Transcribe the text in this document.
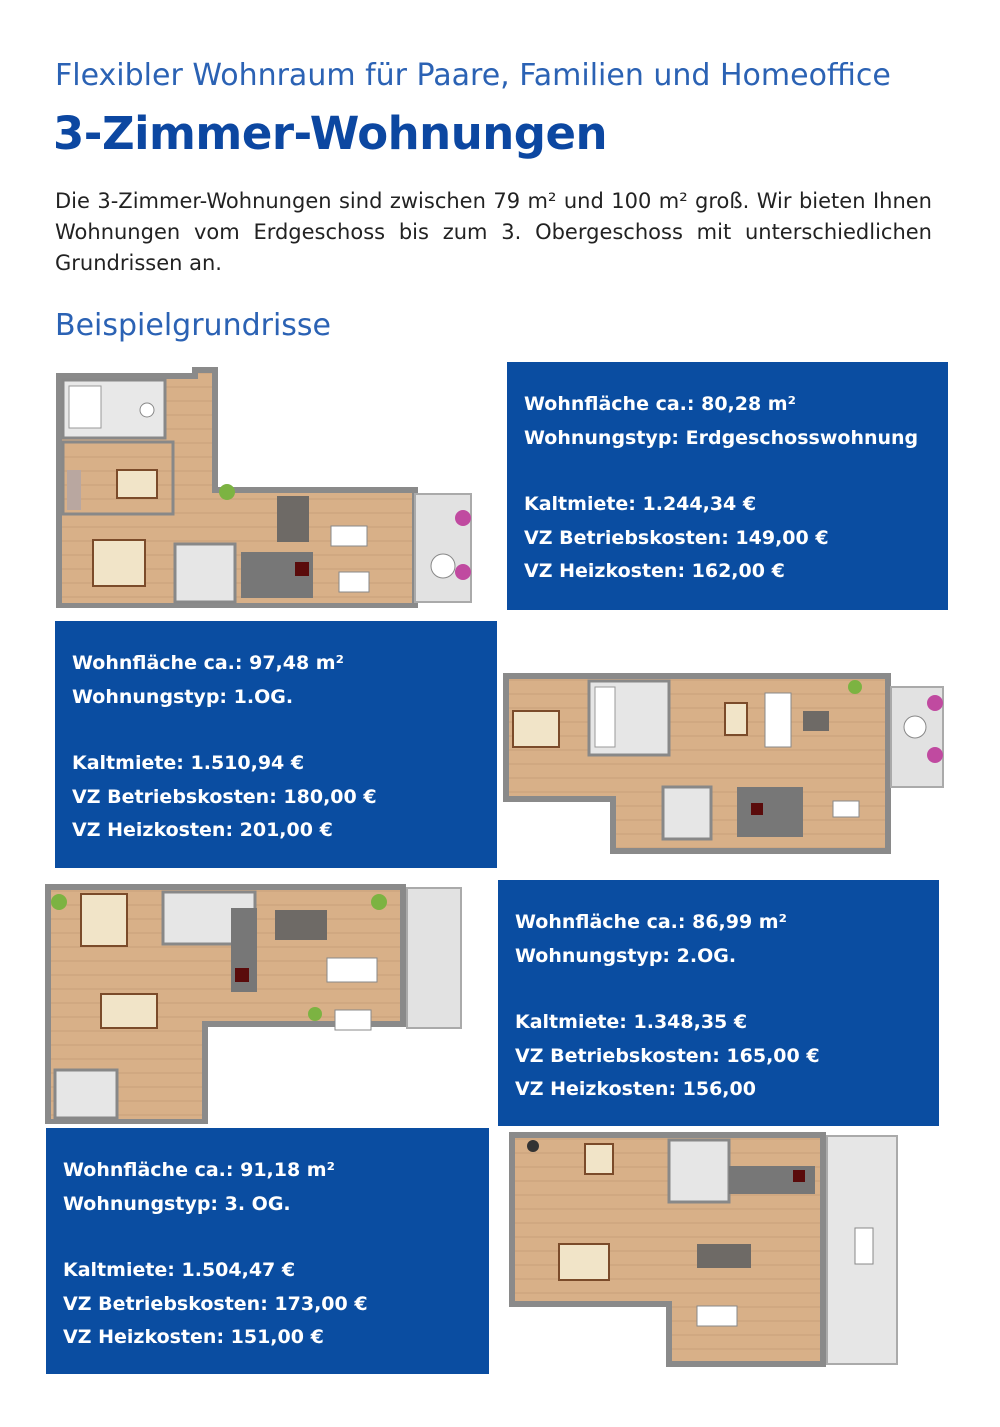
Flexibler Wohnraum für Paare, Familien und Homeoffice
3-Zimmer-Wohnungen
Die 3-Zimmer-Wohnungen sind zwischen 79 m² und 100 m² groß. Wir bieten Ihnen Wohnungen vom Erdgeschoss bis zum 3. Obergeschoss mit unterschiedlichen Grundrissen an.
Beispielgrundrisse
Wohnfläche ca.: 80,28 m²
Wohnungstyp: Erdgeschosswohnung
Kaltmiete: 1.244,34 €
VZ Betriebskosten: 149,00 €
VZ Heizkosten: 162,00 €
Wohnfläche ca.: 97,48 m²
Wohnungstyp: 1.OG.
Kaltmiete: 1.510,94 €
VZ Betriebskosten: 180,00 €
VZ Heizkosten: 201,00 €
Wohnfläche ca.: 86,99 m²
Wohnungstyp: 2.OG.
Kaltmiete: 1.348,35 €
VZ Betriebskosten: 165,00 €
VZ Heizkosten: 156,00
Wohnfläche ca.: 91,18 m²
Wohnungstyp: 3. OG.
Kaltmiete: 1.504,47 €
VZ Betriebskosten: 173,00 €
VZ Heizkosten: 151,00 €
